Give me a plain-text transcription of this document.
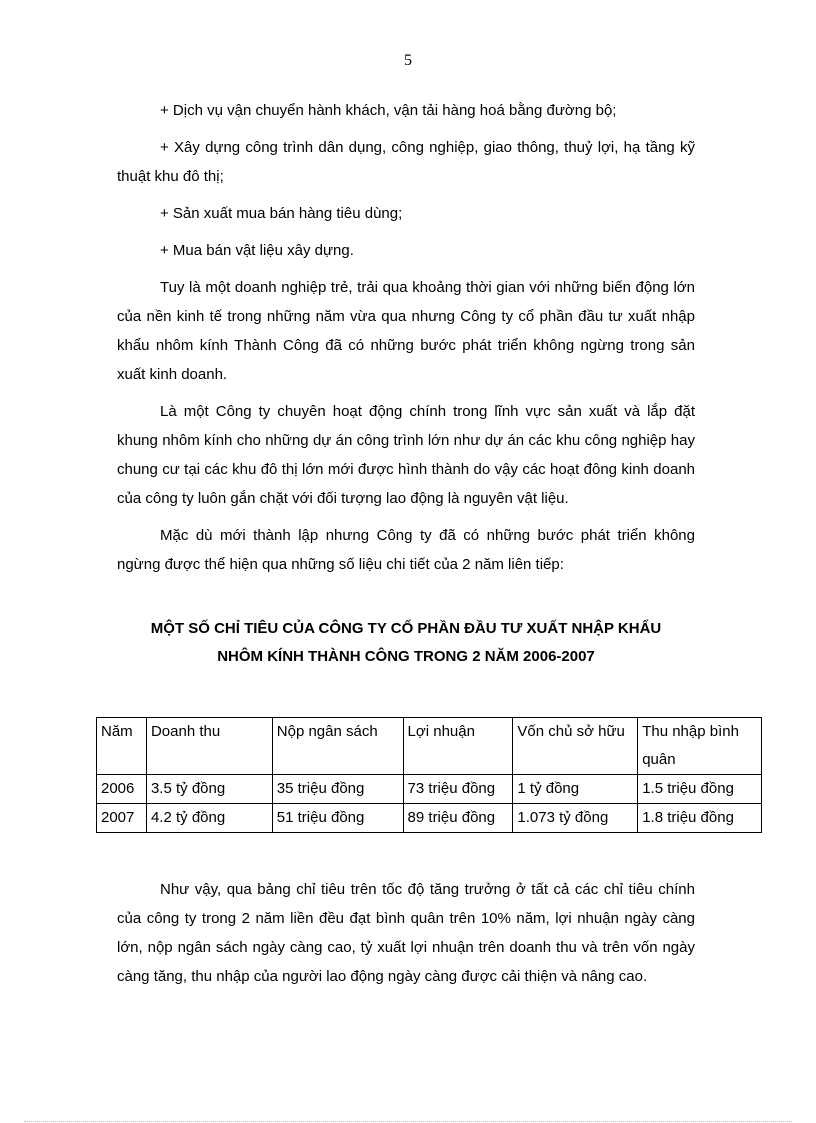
5

+ Dịch vụ vận chuyển hành khách, vận tải hàng hoá bằng đường bộ;

+ Xây dựng công trình dân dụng, công nghiệp, giao thông, thuỷ lợi, hạ tầng kỹ thuật khu đô thị;

+ Sản xuất mua bán hàng tiêu dùng;

+ Mua bán vật liệu xây dựng.

Tuy là một doanh nghiệp trẻ, trải qua khoảng thời gian với những biến động lớn của nền kinh tế trong những năm vừa qua nhưng Công ty cổ phần đầu tư xuất nhập khẩu nhôm kính Thành Công đã có những bước phát triển không ngừng trong sản xuất kinh doanh.

Là một Công ty chuyên hoạt động chính trong lĩnh vực sản xuất và lắp đặt khung nhôm kính cho những dự án công trình lớn như dự án các khu công nghiệp hay chung cư tại các khu đô thị lớn mới được hình thành do vậy các hoạt đông kinh doanh của công ty luôn gắn chặt với đối tượng lao động là nguyên vật liệu.

Mặc dù mới thành lập nhưng Công ty đã có những bước phát triển không ngừng được thể hiện qua những số liệu chi tiết của 2 năm liên tiếp:

MỘT SỐ CHỈ TIÊU CỦA CÔNG TY CỔ PHẦN ĐẦU TƯ XUẤT NHẬP KHẨU
NHÔM KÍNH THÀNH CÔNG TRONG 2 NĂM 2006-2007
Năm	Doanh thu	Nộp ngân sách	Lợi nhuận	Vốn chủ sở hữu	Thu nhập bình quân
2006	3.5 tỷ đồng	35 triệu đồng	73 triệu đồng	1 tỷ đồng	1.5 triệu đồng
2007	4.2 tỷ đồng	51 triệu đồng	89 triệu đồng	1.073 tỷ đồng	1.8 triệu đồng

Như vậy, qua bảng chỉ tiêu trên tốc độ tăng trưởng ở tất cả các chỉ tiêu chính của công ty trong 2 năm liền đều đạt bình quân trên 10% năm, lợi nhuận ngày càng lớn, nộp ngân sách ngày càng cao, tỷ xuất lợi nhuận trên doanh thu và trên vốn ngày càng tăng, thu nhập của người lao động ngày càng được cải thiện và nâng cao.
